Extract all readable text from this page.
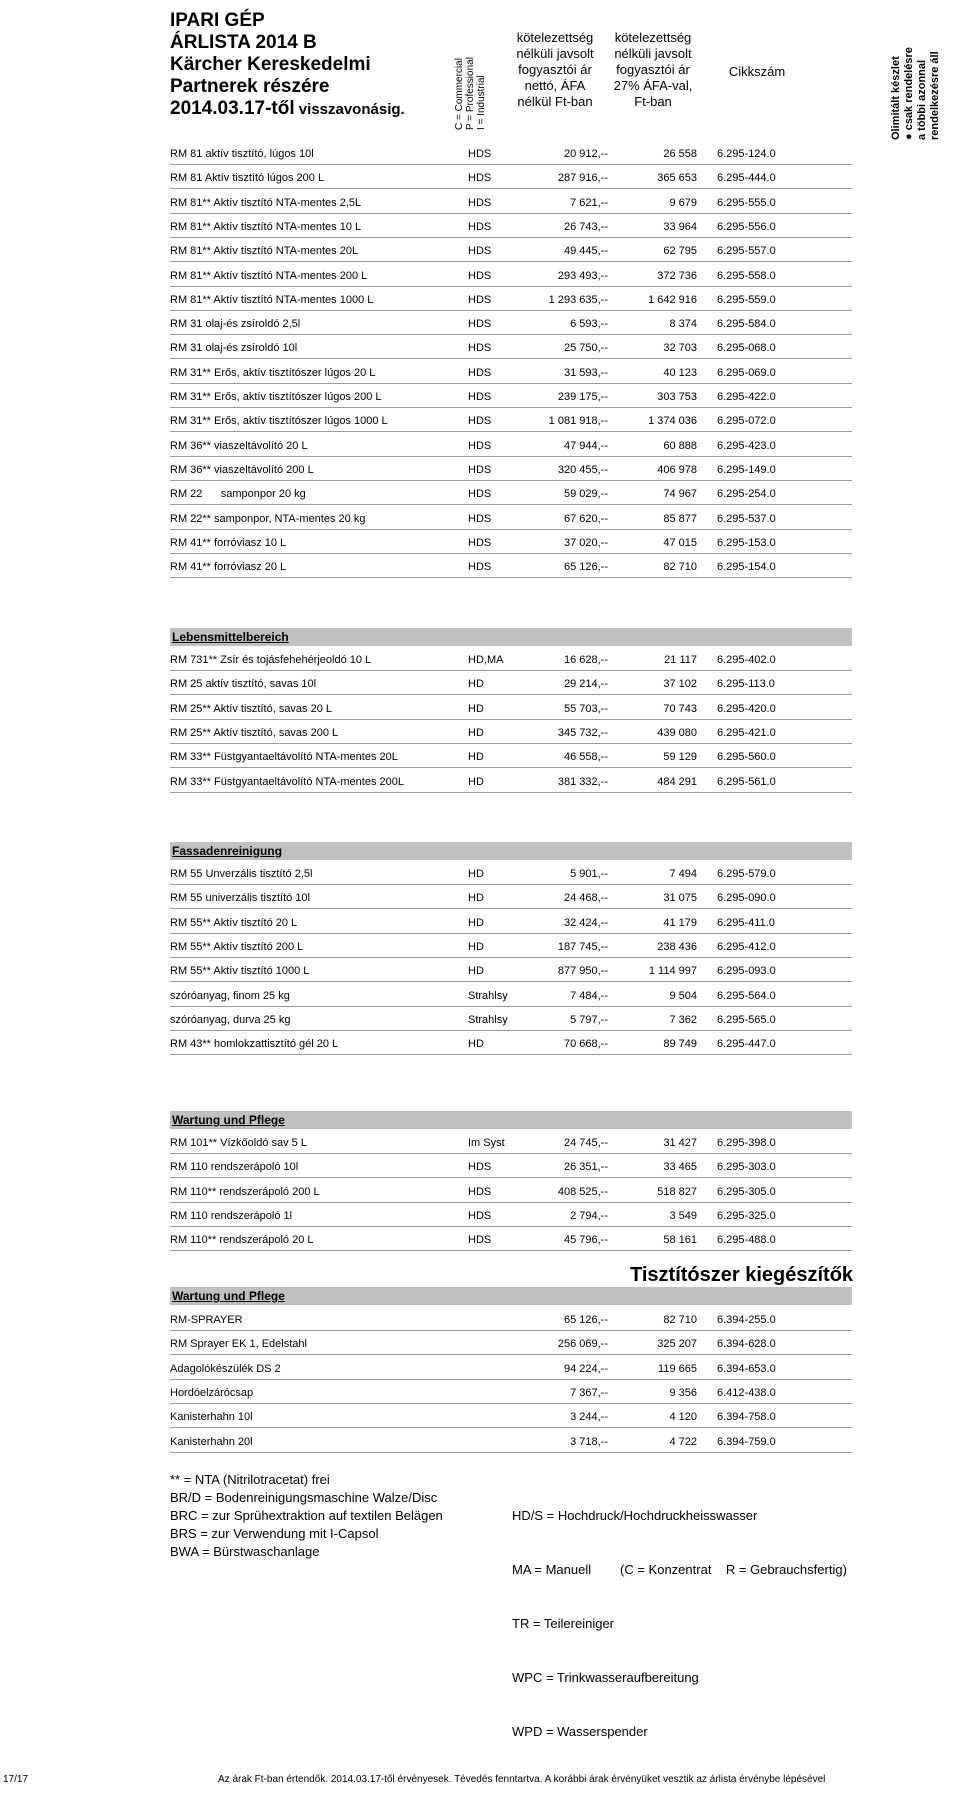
IPARI GÉP
ÁRLISTA 2014 B
Kärcher Kereskedelmi
Partnerek részére
2014.03.17-től visszavonásig.	C = Commercial P = Professional I = Industrial
kötelezettség
nélküli javsolt
fogyasztói ár
nettó, ÁFA
nélkül Ft-ban
kötelezettség
nélküli javsolt
fogyasztói ár
27% ÁFA-val,
Ft-ban
Cikkszám	Olimitált készlet ● csak rendelésre a többi azonnal rendelkezésre áll
RM 81 aktív tisztító, lúgos 10l	HDS	20 912,--	26 558 6.295-124.0
RM 81 Aktív tisztító lúgos 200 L	HDS	287 916,--	365 653 6.295-444.0
RM 81** Aktív tisztító NTA-mentes 2,5L	HDS	7 621,--	9 679 6.295-555.0
RM 81** Aktív tisztító NTA-mentes 10 L	HDS	26 743,--	33 964 6.295-556.0
RM 81** Aktív tisztító NTA-mentes 20L	HDS	49 445,--	62 795 6.295-557.0
RM 81** Aktív tisztító NTA-mentes 200 L	HDS	293 493,--	372 736 6.295-558.0
RM 81** Aktív tisztító NTA-mentes 1000 L	HDS	1 293 635,--	1 642 916 6.295-559.0
RM 31 olaj-és zsíroldó 2,5l	HDS	6 593,--	8 374 6.295-584.0
RM 31 olaj-és zsíroldó 10l	HDS	25 750,--	32 703 6.295-068.0
RM 31** Erős, aktív tisztítószer lúgos 20 L	HDS	31 593,--	40 123 6.295-069.0
RM 31** Erős, aktív tisztítószer lúgos 200 L	HDS	239 175,--	303 753 6.295-422.0
RM 31** Erős, aktív tisztítószer lúgos 1000 L	HDS	1 081 918,--	1 374 036 6.295-072.0
RM 36** viaszeltávolító 20 L	HDS	47 944,--	60 888 6.295-423.0
RM 36** viaszeltávolító 200 L	HDS	320 455,--	406 978 6.295-149.0
RM 22      samponpor 20 kg	HDS	59 029,--	74 967 6.295-254.0
RM 22** samponpor, NTA-mentes 20 kg	HDS	67 620,--	85 877 6.295-537.0
RM 41** forróviasz 10 L	HDS	37 020,--	47 015 6.295-153.0
RM 41** forróviasz 20 L	HDS	65 126,--	82 710 6.295-154.0
Lebensmittelbereich
RM 731** Zsír és tojásfehehérjeoldó 10 L	HD,MA	16 628,--	21 117 6.295-402.0
RM 25 aktív tisztító, savas 10l	HD	29 214,--	37 102 6.295-113.0
RM 25** Aktív tisztító, savas 20 L	HD	55 703,--	70 743 6.295-420.0
RM 25** Aktív tisztító, savas 200 L	HD	345 732,--	439 080 6.295-421.0
RM 33** Füstgyantaeltávolító NTA-mentes 20L	HD	46 558,--	59 129 6.295-560.0
RM 33** Füstgyantaeltávolító NTA-mentes 200L	HD	381 332,--	484 291 6.295-561.0
Fassadenreinigung
RM 55 Unverzális tisztító 2,5l	HD	5 901,--	7 494 6.295-579.0
RM 55 univerzális tisztító 10l	HD	24 468,--	31 075 6.295-090.0
RM 55** Aktív tisztító 20 L	HD	32 424,--	41 179 6.295-411.0
RM 55** Aktív tisztító 200 L	HD	187 745,--	238 436 6.295-412.0
RM 55** Aktív tisztító 1000 L	HD	877 950,--	1 114 997 6.295-093.0
szóróanyag, finom 25 kg	Strahlsy	7 484,--	9 504 6.295-564.0
szóróanyag, durva 25 kg	Strahlsy	5 797,--	7 362 6.295-565.0
RM 43** homlokzattisztító gél 20 L	HD	70 668,--	89 749 6.295-447.0
Wartung und Pflege
RM 101** Vízkőoldó sav 5 L	Im Syst	24 745,--	31 427 6.295-398.0
RM 110 rendszerápoló 10l	HDS	26 351,--	33 465 6.295-303.0
RM 110** rendszerápoló 200 L	HDS	408 525,--	518 827 6.295-305.0
RM 110 rendszerápoló 1l	HDS	2 794,--	3 549 6.295-325.0
RM 110** rendszerápoló 20 L	HDS	45 796,--	58 161 6.295-488.0
Wartung und Pflege
RM-SPRAYER	65 126,--	82 710 6.394-255.0
RM Sprayer EK 1, Edelstahl	256 069,--	325 207 6.394-628.0
Adagolókészülék DS 2	94 224,--	119 665 6.394-653.0
Hordóelzárócsap	7 367,--	9 356 6.412-438.0
Kanisterhahn 10l	3 244,--	4 120 6.394-758.0
Kanisterhahn 20l	3 718,--	4 722 6.394-759.0
Tisztítószer kiegészítők
** = NTA (Nitrilotracetat) frei
BR/D = Bodenreinigungsmaschine Walze/Disc
BRC = zur Sprühextraktion auf textilen Belägen
BRS = zur Verwendung mit I-Capsol
BWA = Bürstwaschanlage

HD/S = Hochdruck/Hochdruckheisswasser

MA = Manuell        (C = Konzentrat    R = Gebrauchsfertig)

TR = Teilereiniger

WPC = Trinkwasseraufbereitung

WPD = Wasserspender

17/17	Az árak Ft-ban értendők. 2014.03.17-től érvényesek. Tévedés fenntartva. A korábbi árak érvényüket vesztik az árlista érvénybe lépésével
